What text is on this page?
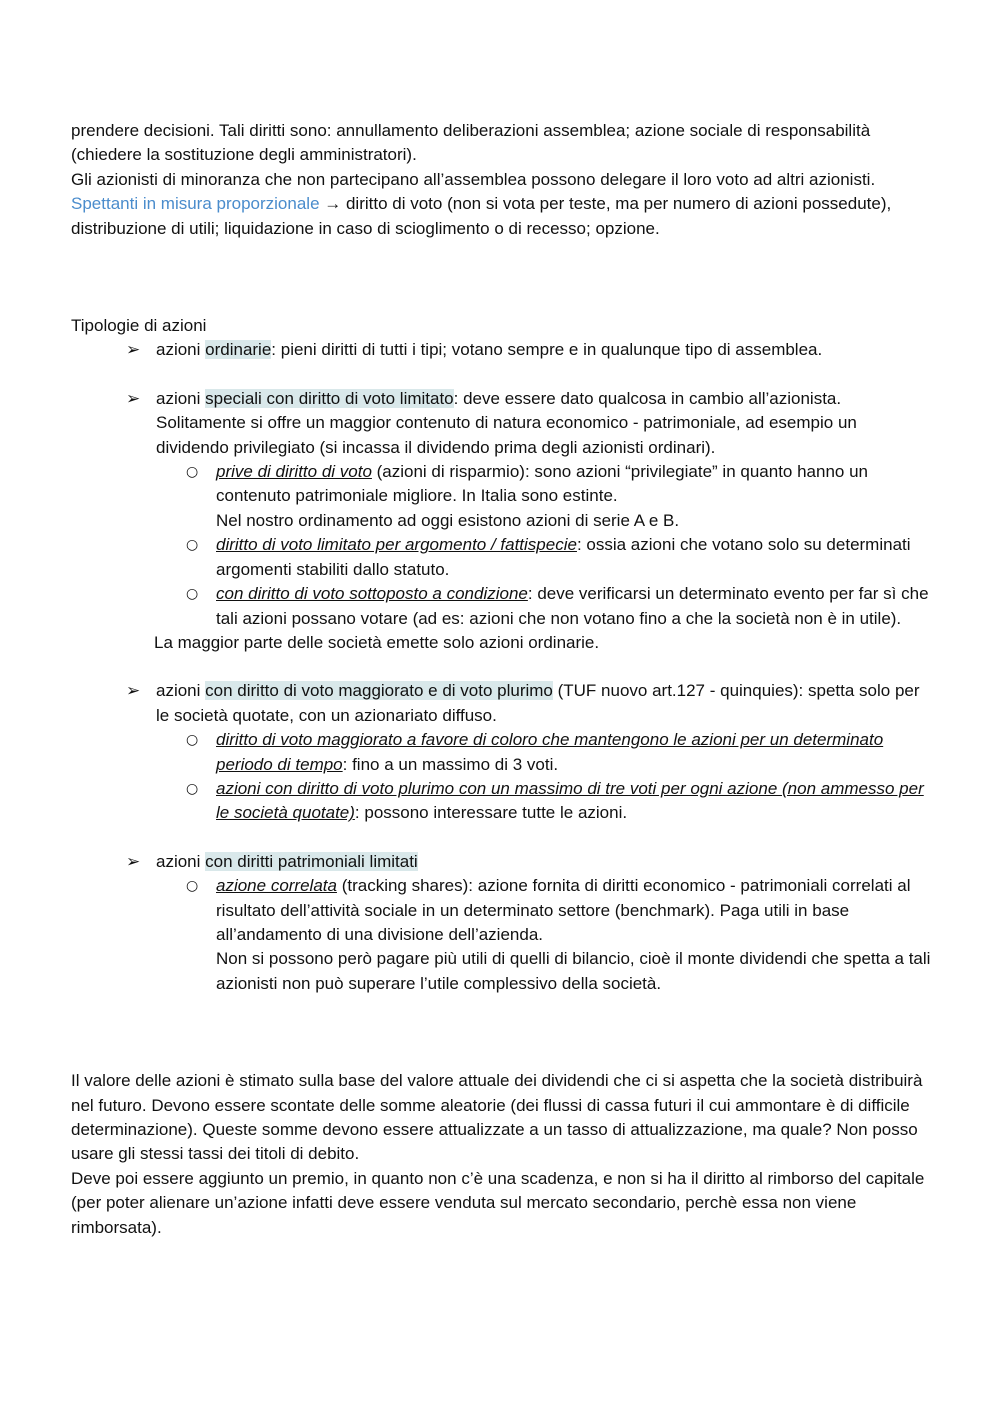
prendere decisioni. Tali diritti sono: annullamento deliberazioni assemblea; azione sociale di responsabilità (chiedere la sostituzione degli amministratori).

Gli azionisti di minoranza che non partecipano all’assemblea possono delegare il loro voto ad altri azionisti.

Spettanti in misura proporzionale → diritto di voto (non si vota per teste, ma per numero di azioni possedute), distribuzione di utili; liquidazione in caso di scioglimento o di recesso; opzione.

Tipologie di azioni

➢ azioni ordinarie: pieni diritti di tutti i tipi; votano sempre e in qualunque tipo di assemblea.
➢ azioni speciali con diritto di voto limitato: deve essere dato qualcosa in cambio all’azionista. Solitamente si offre un maggior contenuto di natura economico - patrimoniale, ad esempio un dividendo privilegiato (si incassa il dividendo prima degli azionisti ordinari).
○ prive di diritto di voto (azioni di risparmio): sono azioni “privilegiate” in quanto hanno un contenuto patrimoniale migliore. In Italia sono estinte.
Nel nostro ordinamento ad oggi esistono azioni di serie A e B.
○ diritto di voto limitato per argomento / fattispecie: ossia azioni che votano solo su determinati argomenti stabiliti dallo statuto.
○ con diritto di voto sottoposto a condizione: deve verificarsi un determinato evento per far sì che tali azioni possano votare (ad es: azioni che non votano fino a che la società non è in utile).

La maggior parte delle società emette solo azioni ordinarie.

➢ azioni con diritto di voto maggiorato e di voto plurimo (TUF nuovo art.127 - quinquies): spetta solo per le società quotate, con un azionariato diffuso.
○ diritto di voto maggiorato a favore di coloro che mantengono le azioni per un determinato periodo di tempo: fino a un massimo di 3 voti.
○ azioni con diritto di voto plurimo con un massimo di tre voti per ogni azione (non ammesso per le società quotate): possono interessare tutte le azioni.
➢ azioni con diritti patrimoniali limitati
○ azione correlata (tracking shares): azione fornita di diritti economico - patrimoniali correlati al risultato dell’attività sociale in un determinato settore (benchmark). Paga utili in base all’andamento di una divisione dell’azienda.
Non si possono però pagare più utili di quelli di bilancio, cioè il monte dividendi che spetta a tali azionisti non può superare l’utile complessivo della società.

Il valore delle azioni è stimato sulla base del valore attuale dei dividendi che ci si aspetta che la società distribuirà nel futuro. Devono essere scontate delle somme aleatorie (dei flussi di cassa futuri il cui ammontare è di difficile determinazione). Queste somme devono essere attualizzate a un tasso di attualizzazione, ma quale? Non posso usare gli stessi tassi dei titoli di debito.

Deve poi essere aggiunto un premio, in quanto non c’è una scadenza, e non si ha il diritto al rimborso del capitale (per poter alienare un’azione infatti deve essere venduta sul mercato secondario, perchè essa non viene rimborsata).
